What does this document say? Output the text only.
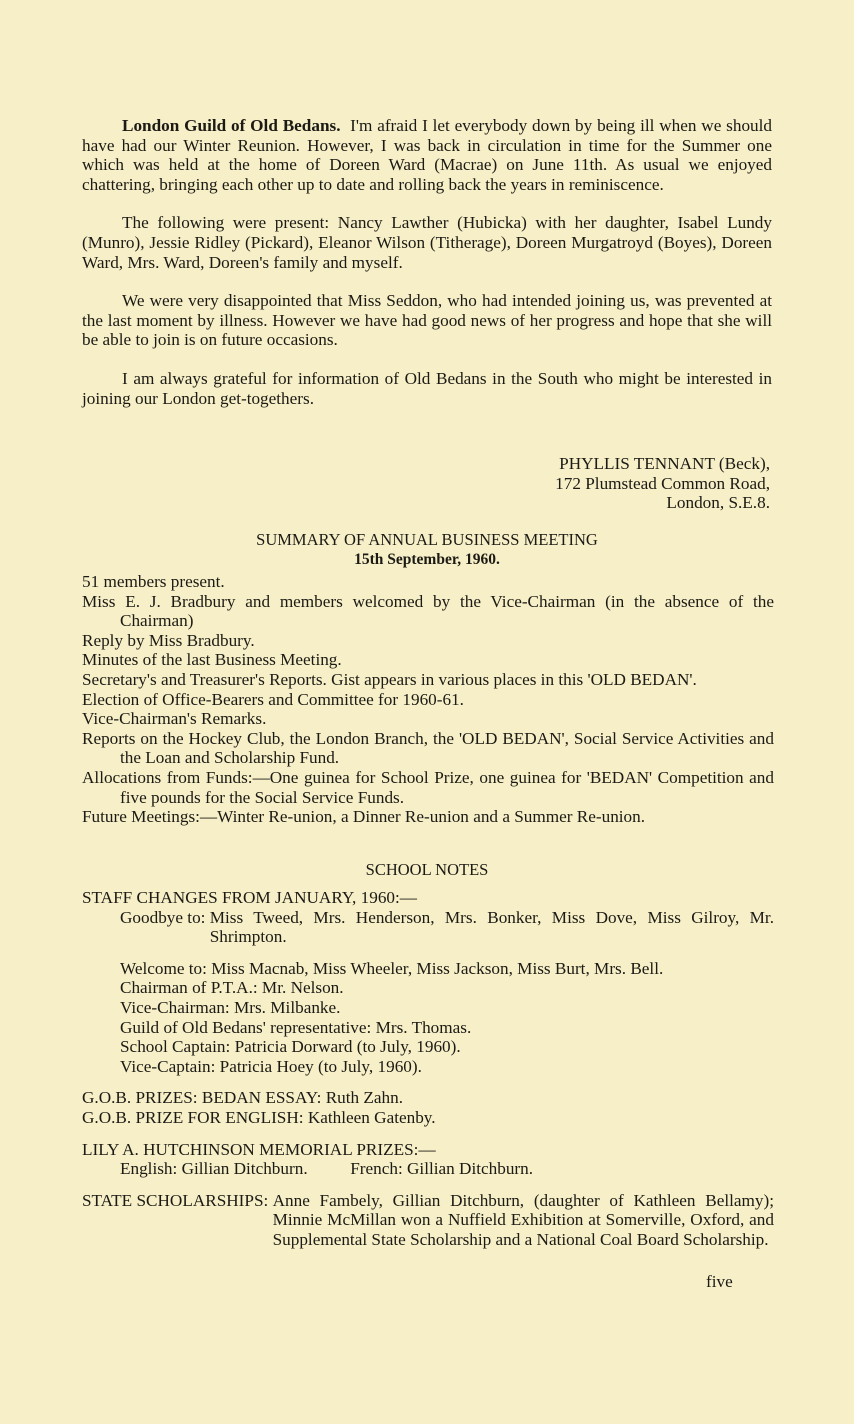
London Guild of Old Bedans. I'm afraid I let everybody down by being ill when we should have had our Winter Reunion. However, I was back in circulation in time for the Summer one which was held at the home of Doreen Ward (Macrae) on June 11th. As usual we enjoyed chattering, bringing each other up to date and rolling back the years in reminiscence.

The following were present: Nancy Lawther (Hubicka) with her daughter, Isabel Lundy (Munro), Jessie Ridley (Pickard), Eleanor Wilson (Titherage), Doreen Murgatroyd (Boyes), Doreen Ward, Mrs. Ward, Doreen's family and myself.

We were very disappointed that Miss Seddon, who had intended joining us, was prevented at the last moment by illness. However we have had good news of her progress and hope that she will be able to join is on future occasions.

I am always grateful for information of Old Bedans in the South who might be interested in joining our London get-togethers.

PHYLLIS TENNANT (Beck),
172 Plumstead Common Road,
London, S.E.8.
SUMMARY OF ANNUAL BUSINESS MEETING
15th September, 1960.

51 members present.

Miss E. J. Bradbury and members welcomed by the Vice-Chairman (in the absence of the Chairman)

Reply by Miss Bradbury.

Minutes of the last Business Meeting.

Secretary's and Treasurer's Reports. Gist appears in various places in this 'OLD BEDAN'.

Election of Office-Bearers and Committee for 1960-61.

Vice-Chairman's Remarks.

Reports on the Hockey Club, the London Branch, the 'OLD BEDAN', Social Service Activities and the Loan and Scholarship Fund.

Allocations from Funds:—One guinea for School Prize, one guinea for 'BEDAN' Competition and five pounds for the Social Service Funds.

Future Meetings:—Winter Re-union, a Dinner Re-union and a Summer Re-union.

SCHOOL NOTES

STAFF CHANGES FROM JANUARY, 1960:—

Goodbye to:
Miss Tweed, Mrs. Henderson, Mrs. Bonker, Miss Dove, Miss Gilroy, Mr. Shrimpton.
Welcome to:
Miss Macnab, Miss Wheeler, Miss Jackson, Miss Burt, Mrs. Bell.
Chairman of P.T.A.: Mr. Nelson.
Vice-Chairman: Mrs. Milbanke.
Guild of Old Bedans' representative: Mrs. Thomas.
School Captain: Patricia Dorward (to July, 1960).
Vice-Captain: Patricia Hoey (to July, 1960).
G.O.B. PRIZES: BEDAN ESSAY: Ruth Zahn.
G.O.B. PRIZE FOR ENGLISH: Kathleen Gatenby.
LILY A. HUTCHINSON MEMORIAL PRIZES:—
English: Gillian Ditchburn. French: Gillian Ditchburn.
STATE SCHOLARSHIPS:
Anne Fambely, Gillian Ditchburn, (daughter of Kathleen Bellamy); Minnie McMillan won a Nuffield Exhibition at Somerville, Oxford, and Supplemental State Scholarship and a National Coal Board Scholarship.
five
